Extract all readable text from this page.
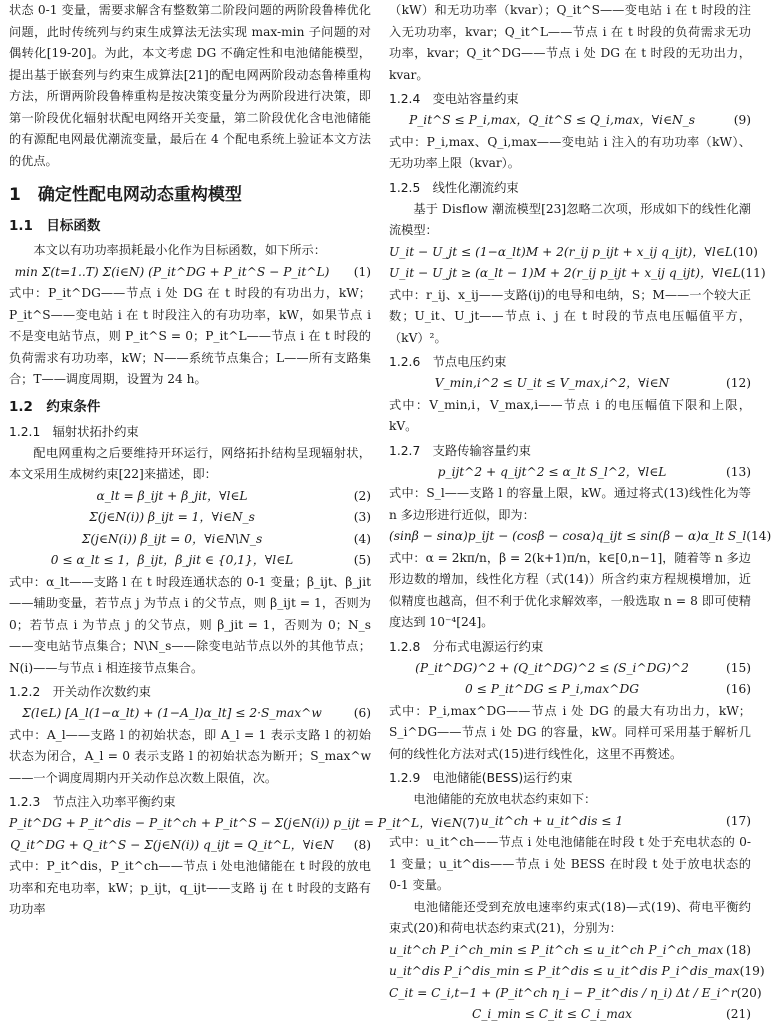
状态 0-1 变量，需要求解含有整数第二阶段问题的两阶段鲁棒优化问题，此时传统列与约束生成算法无法实现 max-min 子问题的对偶转化[19-20]。为此，本文考虑 DG 不确定性和电池储能模型，提出基于嵌套列与约束生成算法[21]的配电网两阶段动态鲁棒重构方法，所谓两阶段鲁棒重构是按决策变量分为两阶段进行决策，即第一阶段优化辐射状配电网络开关变量，第二阶段优化含电池储能的有源配电网最优潮流变量，最后在 4 个配电系统上验证本文方法的优点。

1　确定性配电网动态重构模型
1.1　目标函数

本文以有功功率损耗最小化作为目标函数，如下所示：

min Σ(t=1..T) Σ(i∈N) (P_it^DG + P_it^S − P_it^L)	(1)

式中：P_it^DG——节点 i 处 DG 在 t 时段的有功出力，kW；P_it^S——变电站 i 在 t 时段注入的有功功率，kW，如果节点 i 不是变电站节点，则 P_it^S = 0；P_it^L——节点 i 在 t 时段的负荷需求有功功率，kW；N——系统节点集合；L——所有支路集合；T——调度周期，设置为 24 h。

1.2　约束条件
1.2.1　辐射状拓扑约束

配电网重构之后要维持开环运行，网络拓扑结构呈现辐射状，本文采用生成树约束[22]来描述，即：

α_lt = β_ijt + β_jit，∀l∈L	(2)
Σ(j∈N(i)) β_ijt = 1，∀i∈N_s	(3)
Σ(j∈N(i)) β_ijt = 0，∀i∈N\N_s	(4)
0 ≤ α_lt ≤ 1，β_ijt，β_jit ∈ {0,1}，∀l∈L	(5)

式中：α_lt——支路 l 在 t 时段连通状态的 0-1 变量；β_ijt、β_jit——辅助变量，若节点 j 为节点 i 的父节点，则 β_ijt = 1，否则为 0；若节点 i 为节点 j 的父节点，则 β_jit = 1，否则为 0；N_s——变电站节点集合；N\N_s——除变电站节点以外的其他节点；N(i)——与节点 i 相连接节点集合。

1.2.2　开关动作次数约束
Σ(l∈L) [A_l(1−α_lt) + (1−A_l)α_lt] ≤ 2·S_max^w	(6)

式中：A_l——支路 l 的初始状态，即 A_l = 1 表示支路 l 的初始状态为闭合，A_l = 0 表示支路 l 的初始状态为断开；S_max^w——一个调度周期内开关动作总次数上限值，次。

1.2.3　节点注入功率平衡约束
P_it^DG + P_it^dis − P_it^ch + P_it^S − Σ(j∈N(i)) p_ijt = P_it^L，∀i∈N (7)
Q_it^DG + Q_it^S − Σ(j∈N(i)) q_ijt = Q_it^L，∀i∈N	(8)

式中：P_it^dis，P_it^ch——节点 i 处电池储能在 t 时段的放电功率和充电功率，kW；p_ijt，q_ijt——支路 ij 在 t 时段的支路有功功率

（kW）和无功功率（kvar）；Q_it^S——变电站 i 在 t 时段的注入无功功率，kvar；Q_it^L——节点 i 在 t 时段的负荷需求无功功率，kvar；Q_it^DG——节点 i 处 DG 在 t 时段的无功出力，kvar。

1.2.4　变电站容量约束
P_it^S ≤ P_i,max，Q_it^S ≤ Q_i,max，∀i∈N_s	(9)

式中：P_i,max、Q_i,max——变电站 i 注入的有功功率（kW）、无功功率上限（kvar）。

1.2.5　线性化潮流约束

基于 Disflow 潮流模型[23]忽略二次项，形成如下的线性化潮流模型：

U_it − U_jt ≤ (1−α_lt)M + 2(r_ij p_ijt + x_ij q_ijt)，∀l∈L (10)
U_it − U_jt ≥ (α_lt − 1)M + 2(r_ij p_ijt + x_ij q_ijt)，∀l∈L (11)

式中：r_ij、x_ij——支路(ij)的电导和电纳，S；M——一个较大正数；U_it、U_jt——节点 i、j 在 t 时段的节点电压幅值平方，（kV）²。

1.2.6　节点电压约束
V_min,i^2 ≤ U_it ≤ V_max,i^2，∀i∈N	(12)

式中：V_min,i，V_max,i——节点 i 的电压幅值下限和上限，kV。

1.2.7　支路传输容量约束
p_ijt^2 + q_ijt^2 ≤ α_lt S_l^2，∀l∈L	(13)

式中：S_l——支路 l 的容量上限，kW。通过将式(13)线性化为等 n 多边形进行近似，即为：

(sinβ − sinα)p_ijt − (cosβ − cosα)q_ijt ≤ sin(β − α)α_lt S_l (14)

式中：α = 2kπ/n，β = 2(k+1)π/n，k∈[0,n−1]，随着等 n 多边形边数的增加，线性化方程（式(14)）所含约束方程规模增加，近似精度也越高，但不利于优化求解效率，一般选取 n = 8 即可使精度达到 10⁻⁴[24]。

1.2.8　分布式电源运行约束
(P_it^DG)^2 + (Q_it^DG)^2 ≤ (S_i^DG)^2	(15)
0 ≤ P_it^DG ≤ P_i,max^DG	(16)

式中：P_i,max^DG——节点 i 处 DG 的最大有功出力，kW；S_i^DG——节点 i 处 DG 的容量，kW。同样可采用基于解析几何的线性化方法对式(15)进行线性化，这里不再赘述。

1.2.9　电池储能(BESS)运行约束

电池储能的充放电状态约束如下：

u_it^ch + u_it^dis ≤ 1	(17)

式中：u_it^ch——节点 i 处电池储能在时段 t 处于充电状态的 0-1 变量；u_it^dis——节点 i 处 BESS 在时段 t 处于放电状态的 0-1 变量。

电池储能还受到充放电速率约束式(18)—式(19)、荷电平衡约束式(20)和荷电状态约束式(21)，分别为：

u_it^ch P_i^ch_min ≤ P_it^ch ≤ u_it^ch P_i^ch_max (18)
u_it^dis P_i^dis_min ≤ P_it^dis ≤ u_it^dis P_i^dis_max (19)
C_it = C_i,t−1 + (P_it^ch η_i − P_it^dis / η_i) Δt / E_i^r (20)
C_i_min ≤ C_it ≤ C_i_max	(21)
